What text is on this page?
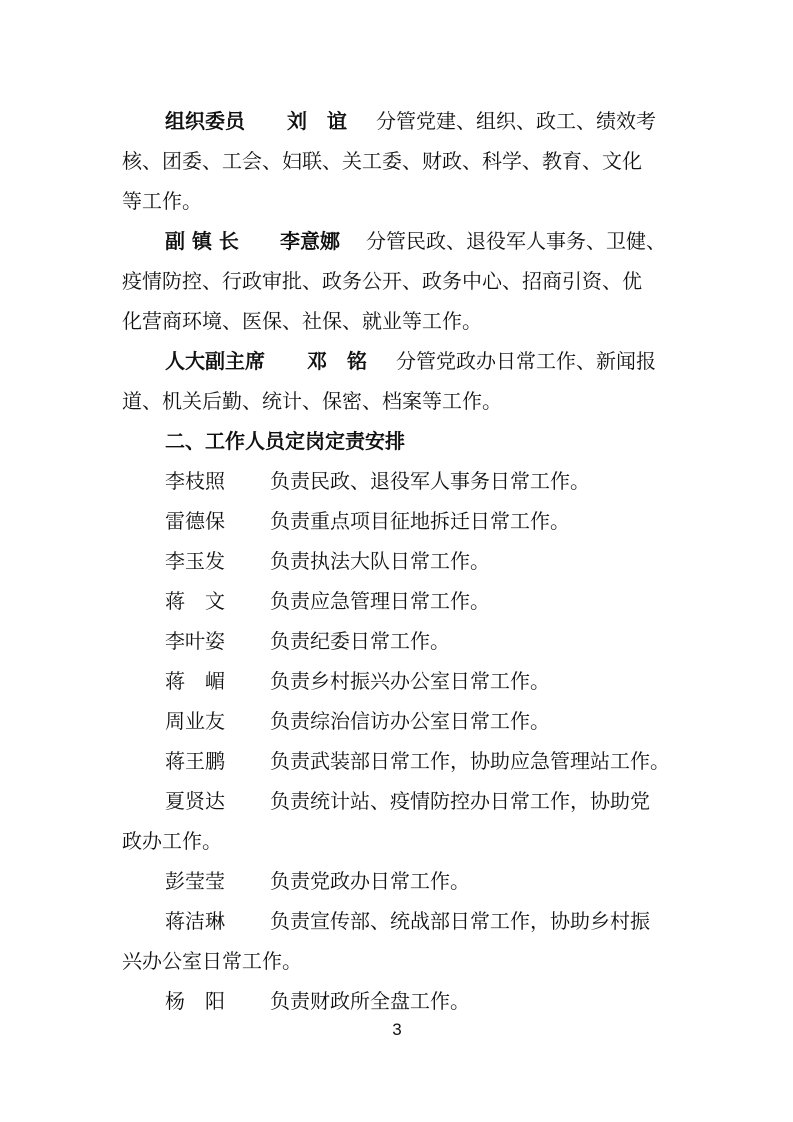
组织委员 刘　谊 分管党建、组织、政工、绩效考
核、团委、工会、妇联、关工委、财政、科学、教育、文化
等工作。
副 镇 长 李意娜 分管民政、退役军人事务、卫健、
疫情防控、行政审批、政务公开、政务中心、招商引资、优
化营商环境、医保、社保、就业等工作。
人大副主席 邓　铭 分管党政办日常工作、新闻报
道、机关后勤、统计、保密、档案等工作。
二、工作人员定岗定责安排
李枝照 负责民政、退役军人事务日常工作。
雷德保 负责重点项目征地拆迁日常工作。
李玉发 负责执法大队日常工作。
蒋　文 负责应急管理日常工作。
李叶姿 负责纪委日常工作。
蒋　嵋 负责乡村振兴办公室日常工作。
周业友 负责综治信访办公室日常工作。
蒋王鹏 负责武装部日常工作，协助应急管理站工作。
夏贤达 负责统计站、疫情防控办日常工作，协助党
政办工作。
彭莹莹 负责党政办日常工作。
蒋洁琳 负责宣传部、统战部日常工作，协助乡村振
兴办公室日常工作。
杨　阳 负责财政所全盘工作。
3
